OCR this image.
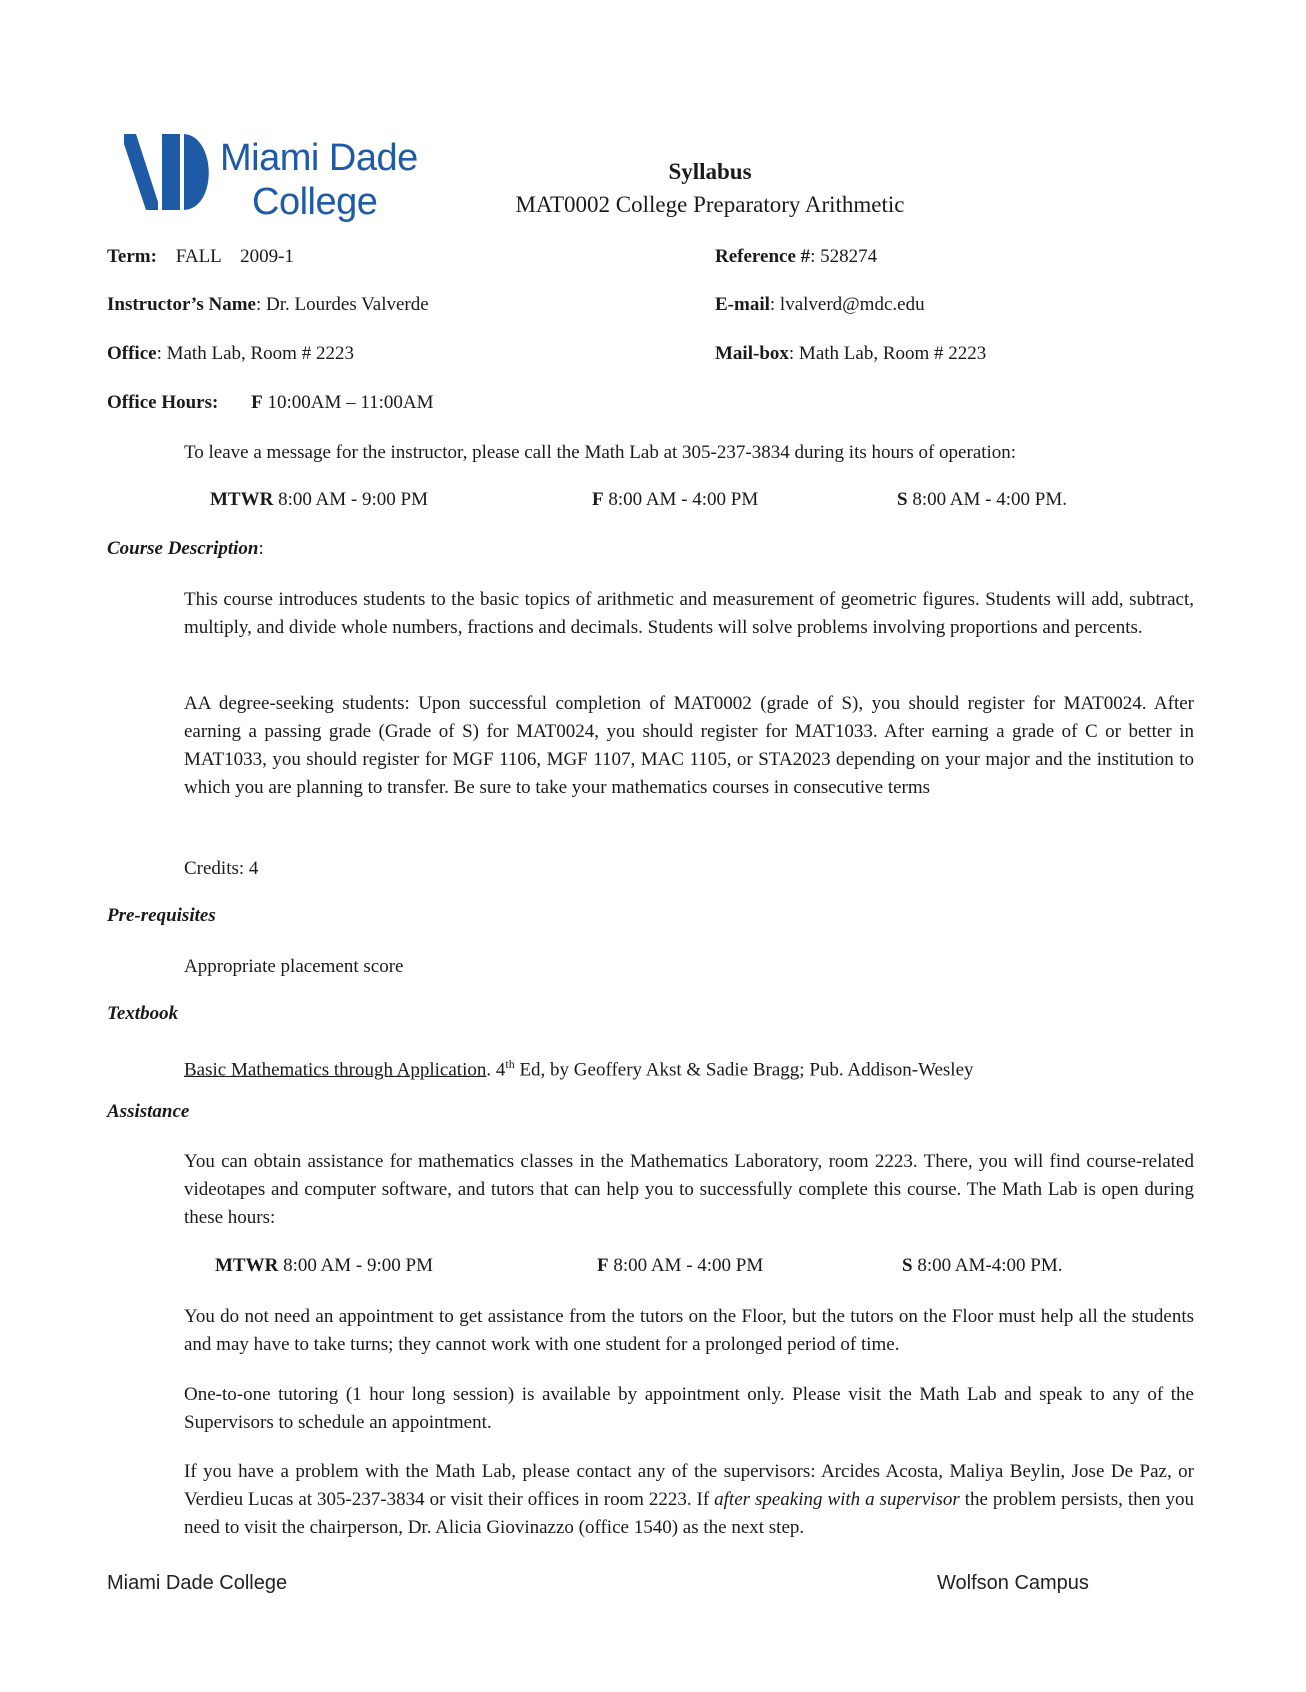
Miami Dade
College
Syllabus
MAT0002 College Preparatory Arithmetic
Term: FALL    2009-1	Reference #: 528274
Instructor’s Name: Dr. Lourdes Valverde	E-mail: lvalverd@mdc.edu
Office: Math Lab, Room # 2223	Mail-box: Math Lab, Room # 2223
Office Hours: F 10:00AM – 11:00AM
To leave a message for the instructor, please call the Math Lab at 305-237-3834 during its hours of operation:
MTWR 8:00 AM - 9:00 PM	F 8:00 AM - 4:00 PM	S 8:00 AM - 4:00 PM.
Course Description:
This course introduces students to the basic topics of arithmetic and measurement of geometric figures. Students will add, subtract, multiply, and divide whole numbers, fractions and decimals. Students will solve problems involving proportions and percents.
AA degree-seeking students: Upon successful completion of MAT0002 (grade of S), you should register for MAT0024. After earning a passing grade (Grade of S) for MAT0024, you should register for MAT1033. After earning a grade of C or better in MAT1033, you should register for MGF 1106, MGF 1107, MAC 1105, or STA2023 depending on your major and the institution to which you are planning to transfer. Be sure to take your mathematics courses in consecutive terms
Credits: 4
Pre-requisites
Appropriate placement score
Textbook
Basic Mathematics through Application. 4th Ed, by Geoffery Akst & Sadie Bragg; Pub. Addison-Wesley
Assistance
You can obtain assistance for mathematics classes in the Mathematics Laboratory, room 2223. There, you will find course-related videotapes and computer software, and tutors that can help you to successfully complete this course. The Math Lab is open during these hours:
MTWR 8:00 AM - 9:00 PM	F 8:00 AM - 4:00 PM	S 8:00 AM-4:00 PM.
You do not need an appointment to get assistance from the tutors on the Floor, but the tutors on the Floor must help all the students and may have to take turns; they cannot work with one student for a prolonged period of time.
One-to-one tutoring (1 hour long session) is available by appointment only. Please visit the Math Lab and speak to any of the Supervisors to schedule an appointment.
If you have a problem with the Math Lab, please contact any of the supervisors: Arcides Acosta, Maliya Beylin, Jose De Paz, or Verdieu Lucas at 305-237-3834 or visit their offices in room 2223. If after speaking with a supervisor the problem persists, then you need to visit the chairperson, Dr. Alicia Giovinazzo (office 1540) as the next step.
Miami Dade College	Wolfson Campus
